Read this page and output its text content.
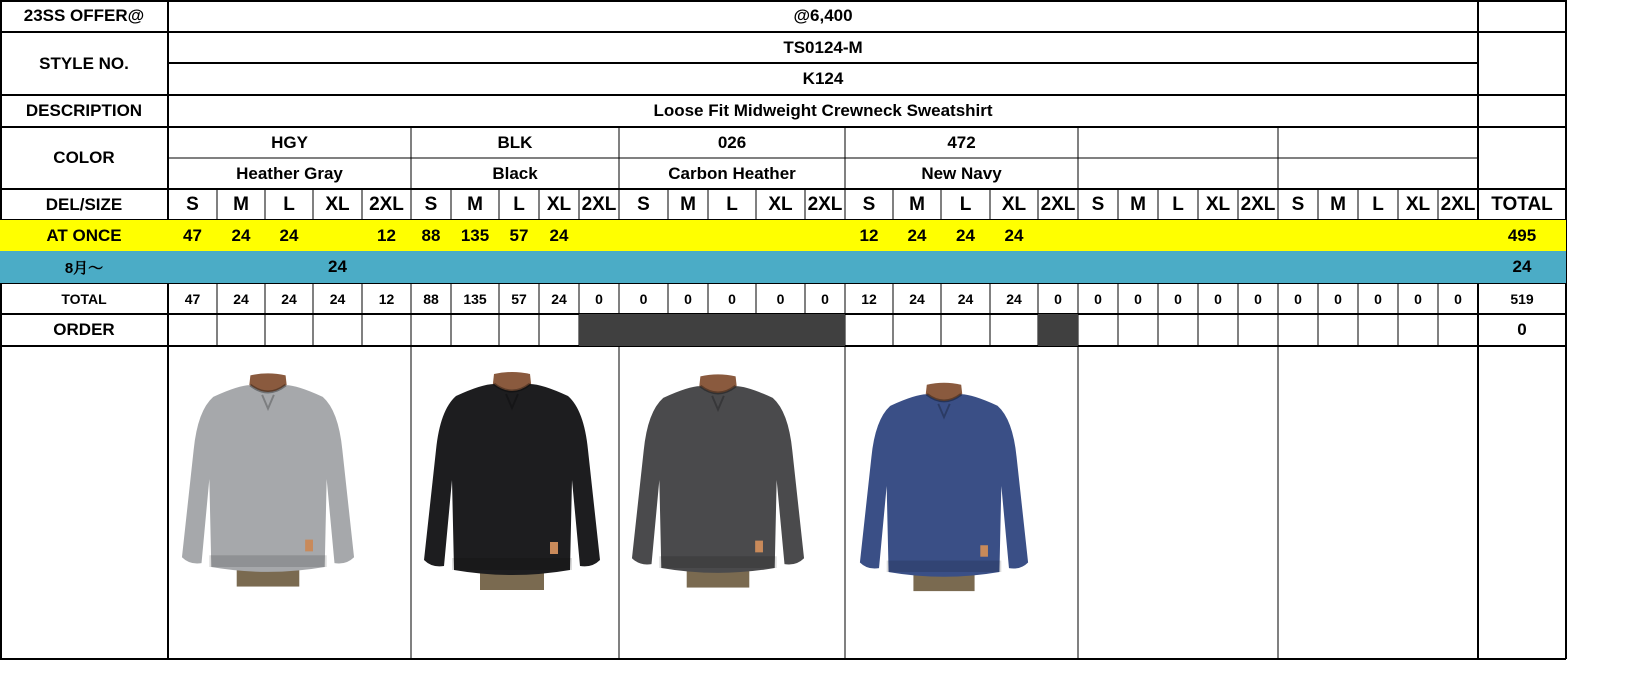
23SS OFFER@
STYLE NO.
DESCRIPTION
COLOR
DEL/SIZE
AT ONCE
8月～
TOTAL
ORDER
@6,400
TS0124-M
K124
Loose Fit Midweight Crewneck Sweatshirt
HGY
Heather Gray
S
47
47
M
24
24
L
24
24
XL
24
24
2XL
12
12
BLK
Black
S
88
88
M
135
135
L
57
57
XL
24
24
2XL
0
026
Carbon Heather
S
0
M
0
L
0
XL
0
2XL
0
472
New Navy
S
12
12
M
24
24
L
24
24
XL
24
24
2XL
0
S
0
M
0
L
0
XL
0
2XL
0
S
0
M
0
L
0
XL
0
2XL
0
TOTAL
495
24
519
0
